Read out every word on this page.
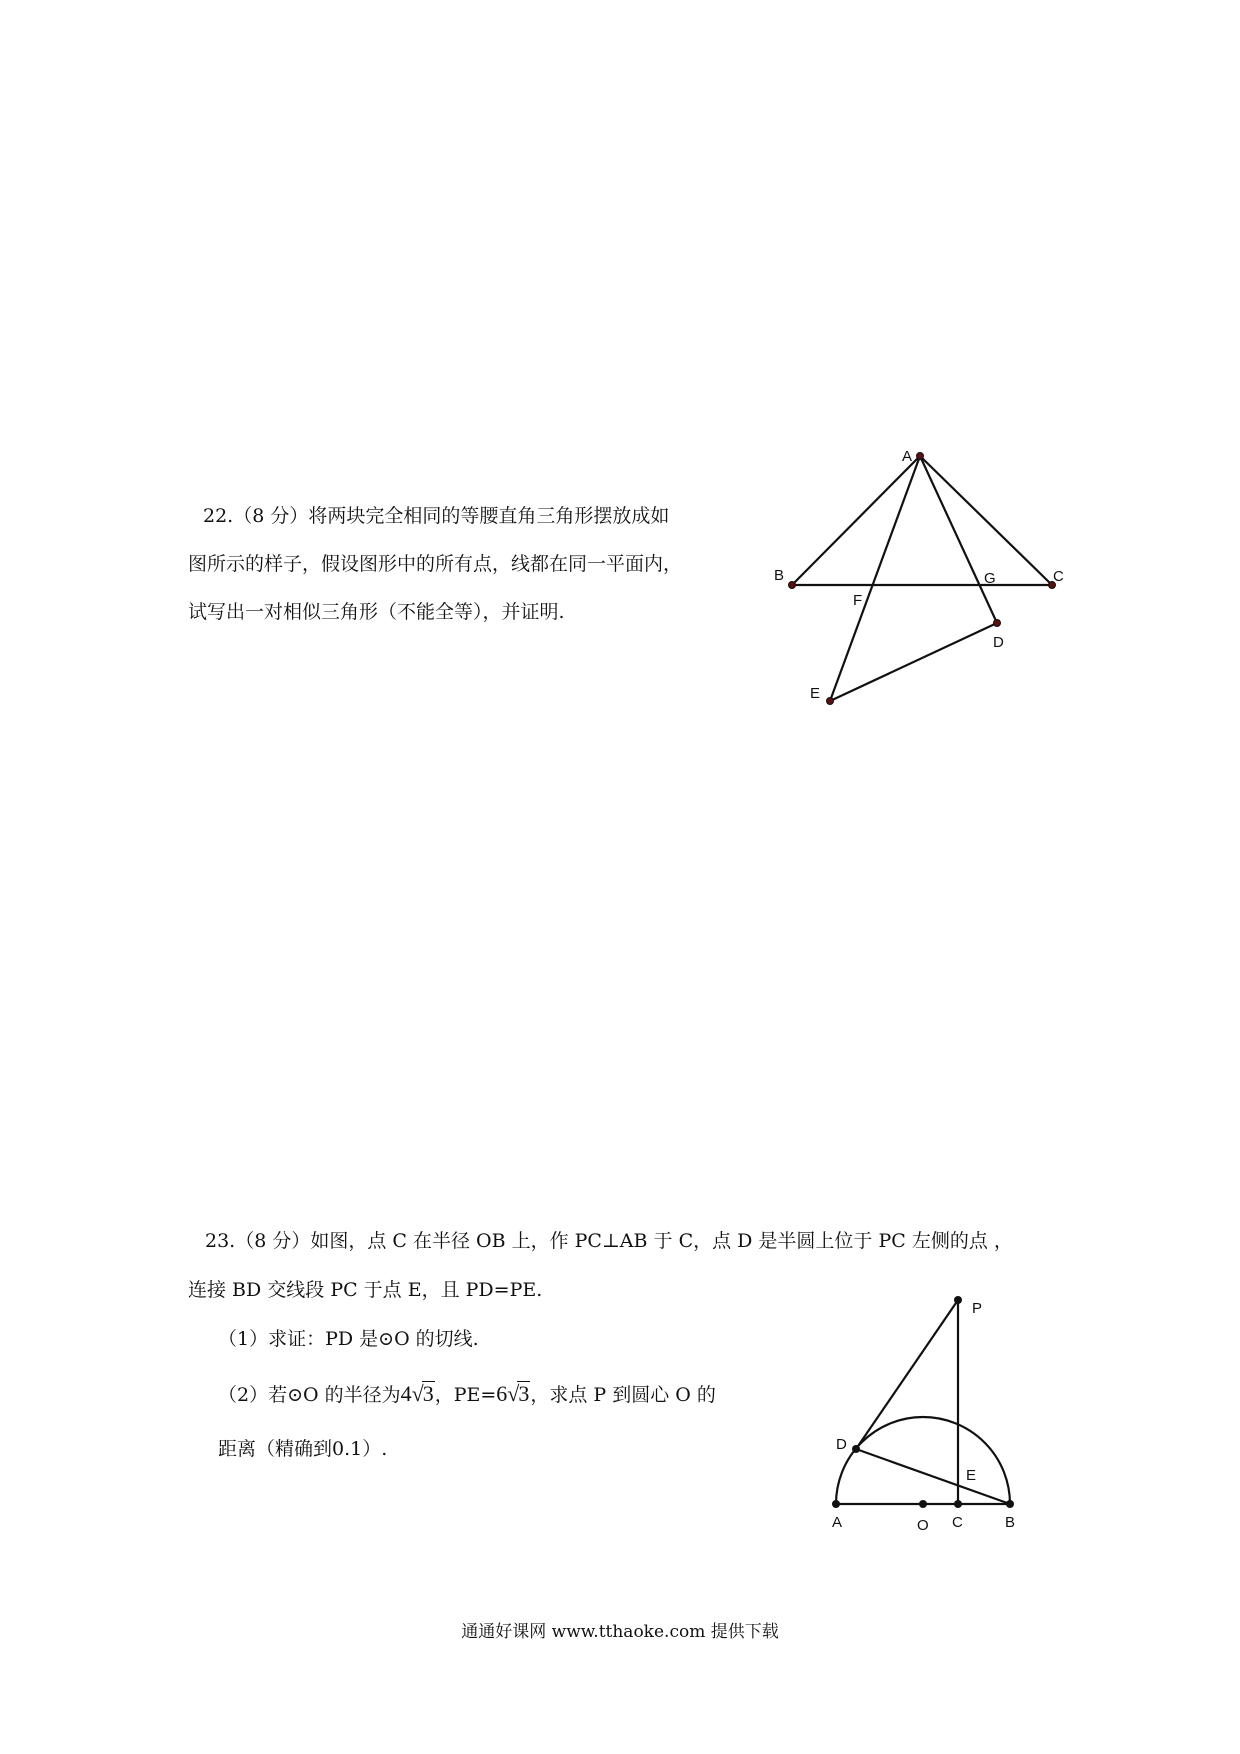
22.（8 分）将两块完全相同的等腰直角三角形摆放成如
图所示的样子，假设图形中的所有点，线都在同一平面内，
试写出一对相似三角形（不能全等），并证明.
23.（8 分）如图，点 C 在半径 OB 上，作 PC⊥AB 于 C，点 D 是半圆上位于 PC 左侧的点 ，
连接 BD 交线段 PC 于点 E，且 PD=PE.
（1）求证：PD 是⊙O 的切线.
（2）若⊙O 的半径为4√3，PE=6√3，求点 P 到圆心 O 的
距离（精确到0.1）.
A
B	C
G
F
D
E
P
D
E
A	O C	B
通通好课网 www.tthaoke.com 提供下载
